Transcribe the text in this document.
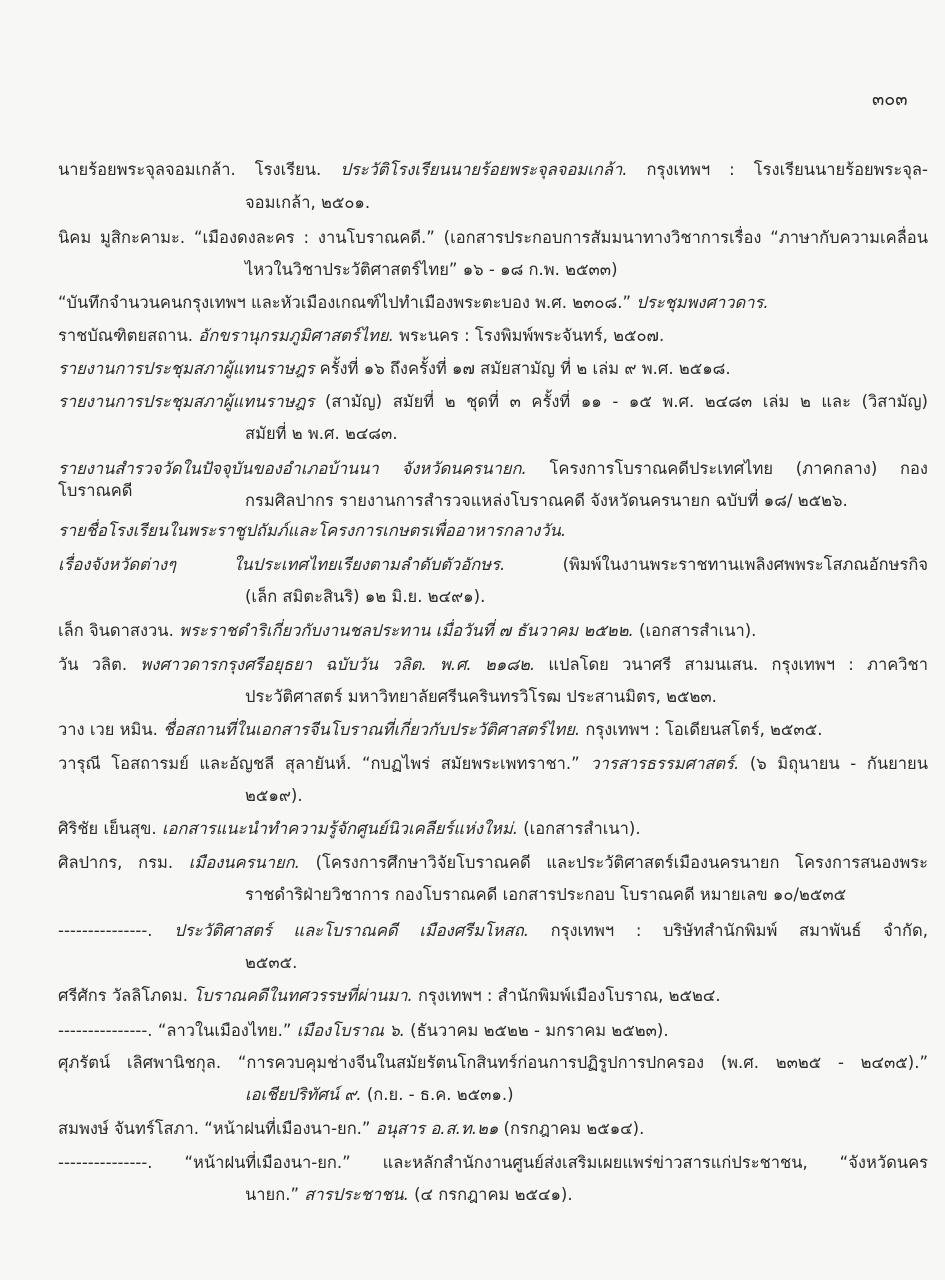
๓๐๓
นายร้อยพระจุลจอมเกล้า. โรงเรียน. ประวัติโรงเรียนนายร้อยพระจุลจอมเกล้า. กรุงเทพฯ : โรงเรียนนายร้อยพระจุล-
จอมเกล้า, ๒๕๐๑.
นิคม มูสิกะคามะ. “เมืองดงละคร : งานโบราณคดี.” (เอกสารประกอบการสัมมนาทางวิชาการเรื่อง “ภาษากับความเคลื่อน
ไหวในวิชาประวัติศาสตร์ไทย” ๑๖ - ๑๘ ก.พ. ๒๕๓๓)
“บันทึกจำนวนคนกรุงเทพฯ และหัวเมืองเกณฑ์ไปทำเมืองพระตะบอง พ.ศ. ๒๓๐๘.” ประชุมพงศาวดาร.
ราชบัณฑิตยสถาน. อักขรานุกรมภูมิศาสตร์ไทย. พระนคร : โรงพิมพ์พระจันทร์, ๒๕๐๗.
รายงานการประชุมสภาผู้แทนราษฎร ครั้งที่ ๑๖ ถึงครั้งที่ ๑๗ สมัยสามัญ ที่ ๒ เล่ม ๙ พ.ศ. ๒๕๑๘.
รายงานการประชุมสภาผู้แทนราษฎร (สามัญ) สมัยที่ ๒ ชุดที่ ๓ ครั้งที่ ๑๑ - ๑๕ พ.ศ. ๒๔๘๓ เล่ม ๒ และ (วิสามัญ)
สมัยที่ ๒ พ.ศ. ๒๔๘๓.
รายงานสำรวจวัดในปัจจุบันของอำเภอบ้านนา จังหวัดนครนายก. โครงการโบราณคดีประเทศไทย (ภาคกลาง) กองโบราณคดี
กรมศิลปากร รายงานการสำรวจแหล่งโบราณคดี จังหวัดนครนายก ฉบับที่ ๑๘/ ๒๕๒๖.
รายชื่อโรงเรียนในพระราชูปถัมภ์และโครงการเกษตรเพื่ออาหารกลางวัน.
เรื่องจังหวัดต่างๆ ในประเทศไทยเรียงตามลำดับตัวอักษร. (พิมพ์ในงานพระราชทานเพลิงศพพระโสภณอักษรกิจ
(เล็ก สมิตะสินริ) ๑๒ มิ.ย. ๒๔๙๑).
เล็ก จินดาสงวน. พระราชดำริเกี่ยวกับงานชลประทาน เมื่อวันที่ ๗ ธันวาคม ๒๕๒๒. (เอกสารสำเนา).
วัน วลิต. พงศาวดารกรุงศรีอยุธยา ฉบับวัน วลิต. พ.ศ. ๒๑๘๒. แปลโดย วนาศรี สามนเสน. กรุงเทพฯ : ภาควิชา
ประวัติศาสตร์ มหาวิทยาลัยศรีนครินทรวิโรฒ ประสานมิตร, ๒๕๒๓.
วาง เวย หมิน. ชื่อสถานที่ในเอกสารจีนโบราณที่เกี่ยวกับประวัติศาสตร์ไทย. กรุงเทพฯ : โอเดียนสโตร์, ๒๕๓๕.
วารุณี โอสถารมย์ และอัญชลี สุลายันห์. “กบฏไพร่ สมัยพระเพทราชา.” วารสารธรรมศาสตร์. (๖ มิถุนายน - กันยายน
๒๕๑๙).
ศิริชัย เย็นสุข. เอกสารแนะนำทำความรู้จักศูนย์นิวเคลียร์แห่งใหม่. (เอกสารสำเนา).
ศิลปากร, กรม. เมืองนครนายก. (โครงการศึกษาวิจัยโบราณคดี และประวัติศาสตร์เมืองนครนายก โครงการสนองพระ
ราชดำริฝ่ายวิชาการ กองโบราณคดี เอกสารประกอบ โบราณคดี หมายเลข ๑๐/๒๕๓๕
---------------. ประวัติศาสตร์ และโบราณคดี เมืองศรีมโหสถ. กรุงเทพฯ : บริษัทสำนักพิมพ์ สมาพันธ์ จำกัด,
๒๕๓๕.
ศรีศักร วัลลิโภดม. โบราณคดีในทศวรรษที่ผ่านมา. กรุงเทพฯ : สำนักพิมพ์เมืองโบราณ, ๒๕๒๔.
---------------. “ลาวในเมืองไทย.” เมืองโบราณ ๖. (ธันวาคม ๒๕๒๒ - มกราคม ๒๕๒๓).
ศุภรัตน์ เลิศพานิชกุล. “การควบคุมช่างจีนในสมัยรัตนโกสินทร์ก่อนการปฏิรูปการปกครอง (พ.ศ. ๒๓๒๕ - ๒๔๓๕).”
เอเชียปริทัศน์ ๙. (ก.ย. - ธ.ค. ๒๕๓๑.)
สมพงษ์ จันทร์โสภา. “หน้าฝนที่เมืองนา-ยก.” อนุสาร อ.ส.ท.๒๑ (กรกฎาคม ๒๕๑๔).
---------------. “หน้าฝนที่เมืองนา-ยก.” และหลักสำนักงานศูนย์ส่งเสริมเผยแพร่ข่าวสารแก่ประชาชน, “จังหวัดนคร
นายก.” สารประชาชน. (๔ กรกฎาคม ๒๕๔๑).
